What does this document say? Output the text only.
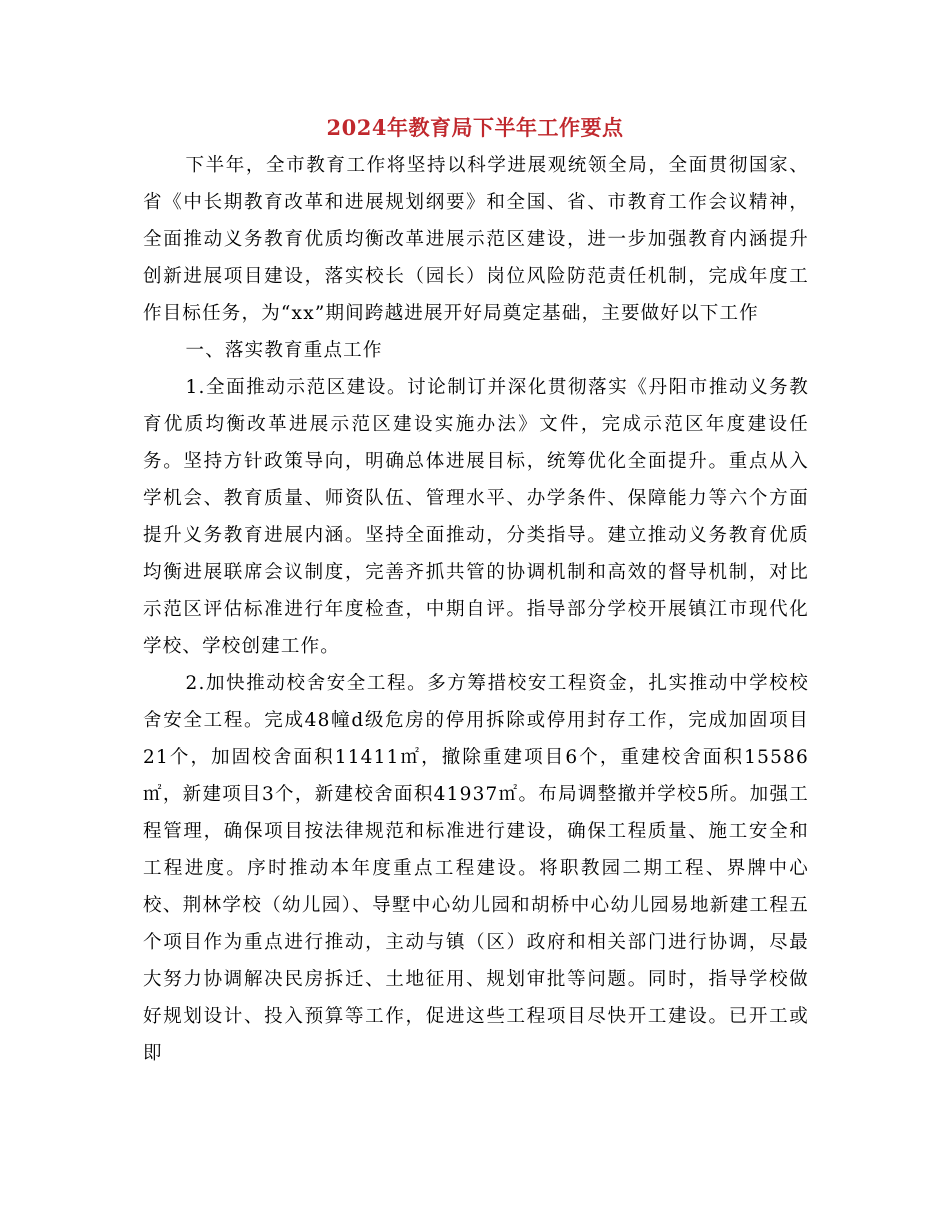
2024年教育局下半年工作要点

下半年，全市教育工作将坚持以科学进展观统领全局，全面贯彻国家、省《中长期教育改革和进展规划纲要》和全国、省、市教育工作会议精神，全面推动义务教育优质均衡改革进展示范区建设，进一步加强教育内涵提升创新进展项目建设，落实校长（园长）岗位风险防范责任机制，完成年度工作目标任务，为“xx”期间跨越进展开好局奠定基础，主要做好以下工作

一、落实教育重点工作

1.全面推动示范区建设。讨论制订并深化贯彻落实《丹阳市推动义务教育优质均衡改革进展示范区建设实施办法》文件，完成示范区年度建设任务。坚持方针政策导向，明确总体进展目标，统筹优化全面提升。重点从入学机会、教育质量、师资队伍、管理水平、办学条件、保障能力等六个方面提升义务教育进展内涵。坚持全面推动，分类指导。建立推动义务教育优质均衡进展联席会议制度，完善齐抓共管的协调机制和高效的督导机制，对比示范区评估标准进行年度检查，中期自评。指导部分学校开展镇江市现代化学校、学校创建工作。

2.加快推动校舍安全工程。多方筹措校安工程资金，扎实推动中学校校舍安全工程。完成48幢d级危房的停用拆除或停用封存工作，完成加固项目21个，加固校舍面积11411㎡，撤除重建项目6个，重建校舍面积15586㎡，新建项目3个，新建校舍面积41937㎡。布局调整撤并学校5所。加强工程管理，确保项目按法律规范和标准进行建设，确保工程质量、施工安全和工程进度。序时推动本年度重点工程建设。将职教园二期工程、界牌中心校、荆林学校（幼儿园）、导墅中心幼儿园和胡桥中心幼儿园易地新建工程五个项目作为重点进行推动，主动与镇（区）政府和相关部门进行协调，尽最大努力协调解决民房拆迁、土地征用、规划审批等问题。同时，指导学校做好规划设计、投入预算等工作，促进这些工程项目尽快开工建设。已开工或即
